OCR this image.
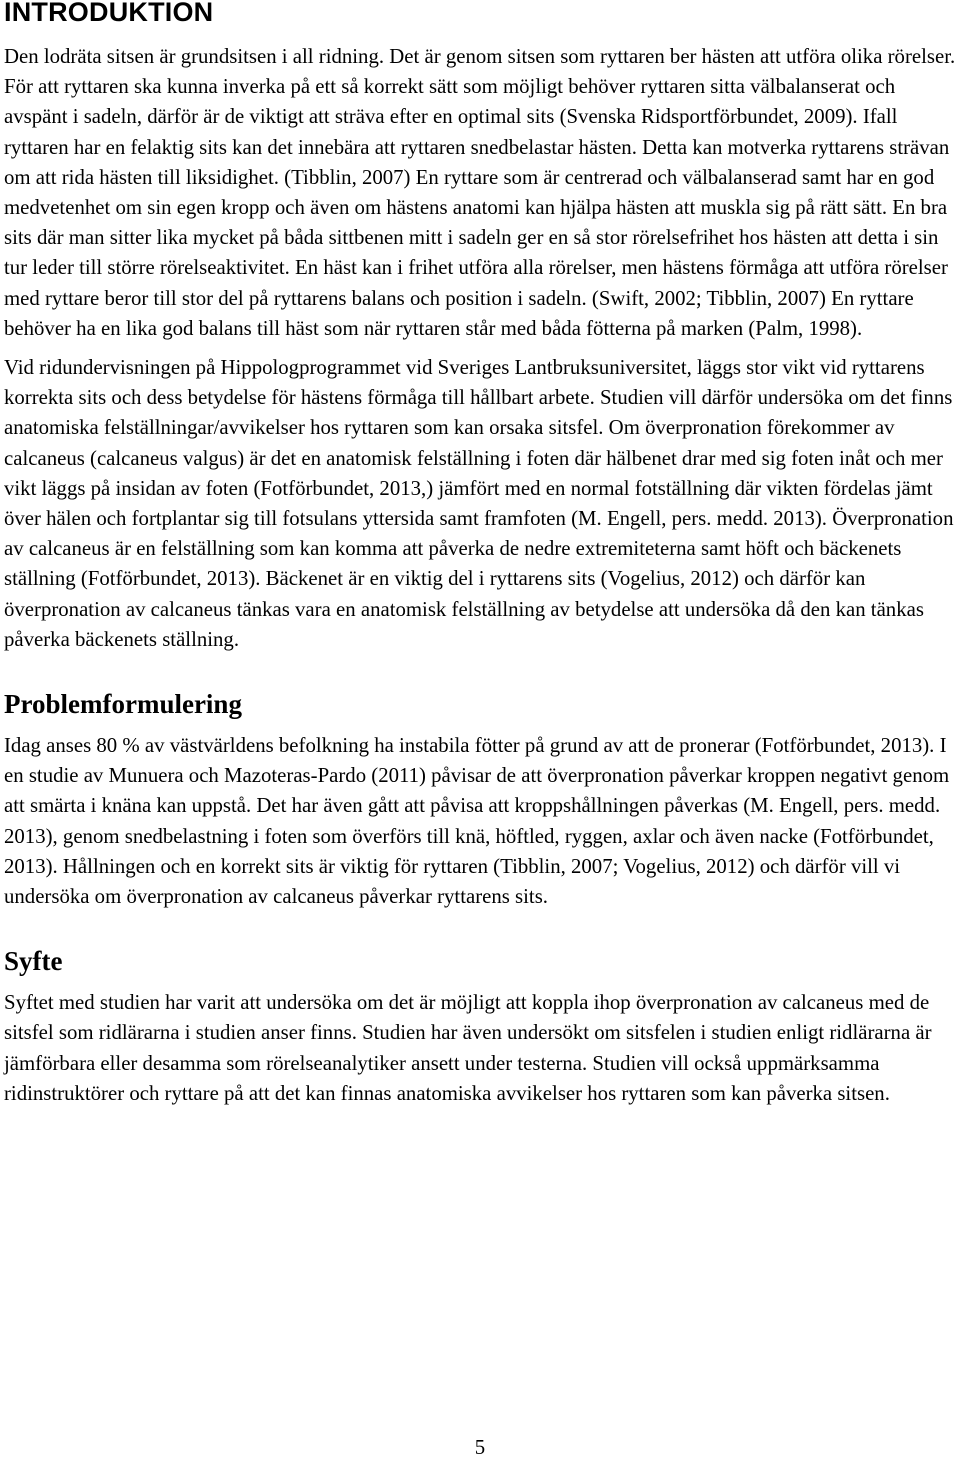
INTRODUKTION

Den lodräta sitsen är grundsitsen i all ridning. Det är genom sitsen som ryttaren ber hästen att utföra olika rörelser. För att ryttaren ska kunna inverka på ett så korrekt sätt som möjligt behöver ryttaren sitta välbalanserat och avspänt i sadeln, därför är de viktigt att sträva efter en optimal sits (Svenska Ridsportförbundet, 2009). Ifall ryttaren har en felaktig sits kan det innebära att ryttaren snedbelastar hästen. Detta kan motverka ryttarens strävan om att rida hästen till liksidighet. (Tibblin, 2007) En ryttare som är centrerad och välbalanserad samt har en god medvetenhet om sin egen kropp och även om hästens anatomi kan hjälpa hästen att muskla sig på rätt sätt. En bra sits där man sitter lika mycket på båda sittbenen mitt i sadeln ger en så stor rörelsefrihet hos hästen att detta i sin tur leder till större rörelseaktivitet. En häst kan i frihet utföra alla rörelser, men hästens förmåga att utföra rörelser med ryttare beror till stor del på ryttarens balans och position i sadeln. (Swift, 2002; Tibblin, 2007) En ryttare behöver ha en lika god balans till häst som när ryttaren står med båda fötterna på marken (Palm, 1998).

Vid ridundervisningen på Hippologprogrammet vid Sveriges Lantbruksuniversitet, läggs stor vikt vid ryttarens korrekta sits och dess betydelse för hästens förmåga till hållbart arbete. Studien vill därför undersöka om det finns anatomiska felställningar/avvikelser hos ryttaren som kan orsaka sitsfel. Om överpronation förekommer av calcaneus (calcaneus valgus) är det en anatomisk felställning i foten där hälbenet drar med sig foten inåt och mer vikt läggs på insidan av foten (Fotförbundet, 2013,) jämfört med en normal fotställning där vikten fördelas jämt över hälen och fortplantar sig till fotsulans yttersida samt framfoten (M. Engell, pers. medd. 2013). Överpronation av calcaneus är en felställning som kan komma att påverka de nedre extremiteterna samt höft och bäckenets ställning (Fotförbundet, 2013). Bäckenet är en viktig del i ryttarens sits (Vogelius, 2012) och därför kan överpronation av calcaneus tänkas vara en anatomisk felställning av betydelse att undersöka då den kan tänkas påverka bäckenets ställning.

Problemformulering

Idag anses 80 % av västvärldens befolkning ha instabila fötter på grund av att de pronerar (Fotförbundet, 2013). I en studie av Munuera och Mazoteras-Pardo (2011) påvisar de att överpronation påverkar kroppen negativt genom att smärta i knäna kan uppstå. Det har även gått att påvisa att kroppshållningen påverkas (M. Engell, pers. medd. 2013), genom snedbelastning i foten som överförs till knä, höftled, ryggen, axlar och även nacke (Fotförbundet, 2013). Hållningen och en korrekt sits är viktig för ryttaren (Tibblin, 2007; Vogelius, 2012) och därför vill vi undersöka om överpronation av calcaneus påverkar ryttarens sits.

Syfte

Syftet med studien har varit att undersöka om det är möjligt att koppla ihop överpronation av calcaneus med de sitsfel som ridlärarna i studien anser finns. Studien har även undersökt om sitsfelen i studien enligt ridlärarna är jämförbara eller desamma som rörelseanalytiker ansett under testerna. Studien vill också uppmärksamma ridinstruktörer och ryttare på att det kan finnas anatomiska avvikelser hos ryttaren som kan påverka sitsen.

5
